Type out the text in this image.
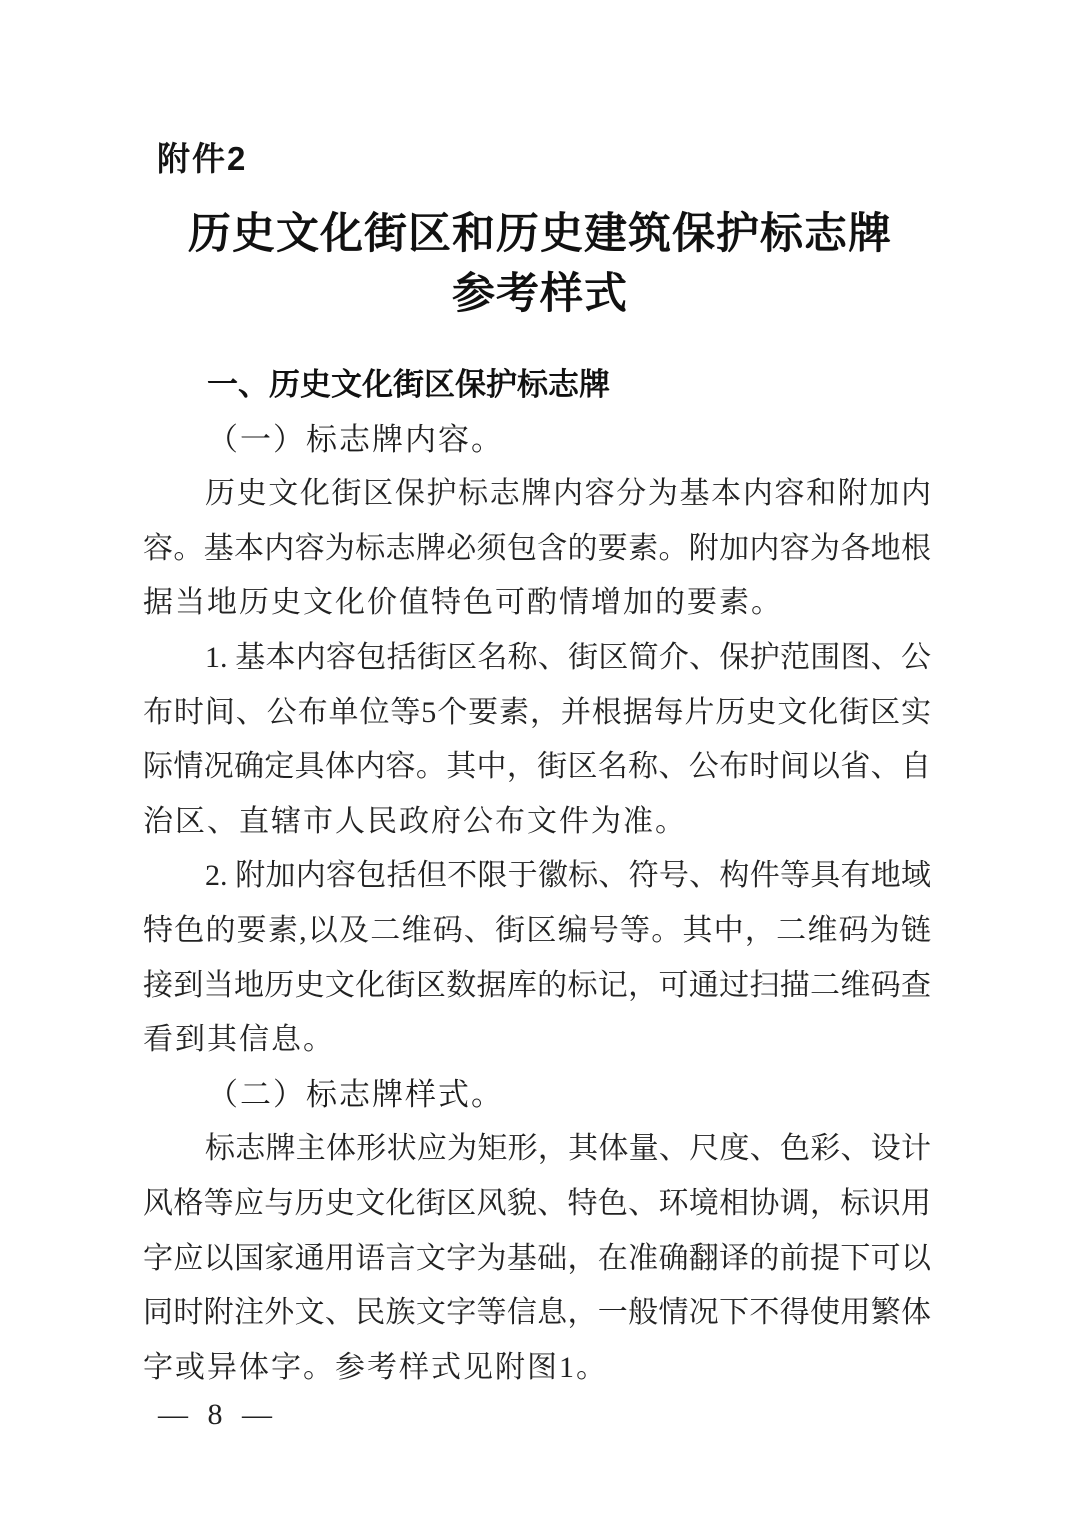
附件2
历史文化街区和历史建筑保护标志牌
参考样式
一、历史文化街区保护标志牌
（一）标志牌内容。
历史文化街区保护标志牌内容分为基本内容和附加内
容。基本内容为标志牌必须包含的要素。附加内容为各地根
据当地历史文化价值特色可酌情增加的要素。
1. 基本内容包括街区名称、街区简介、保护范围图、公
布时间、公布单位等5个要素，并根据每片历史文化街区实
际情况确定具体内容。其中，街区名称、公布时间以省、自
治区、直辖市人民政府公布文件为准。
2. 附加内容包括但不限于徽标、符号、构件等具有地域
特色的要素,以及二维码、街区编号等。其中，二维码为链
接到当地历史文化街区数据库的标记，可通过扫描二维码查
看到其信息。
（二）标志牌样式。
标志牌主体形状应为矩形，其体量、尺度、色彩、设计
风格等应与历史文化街区风貌、特色、环境相协调，标识用
字应以国家通用语言文字为基础，在准确翻译的前提下可以
同时附注外文、民族文字等信息，一般情况下不得使用繁体
字或异体字。参考样式见附图1。
— 8 —
